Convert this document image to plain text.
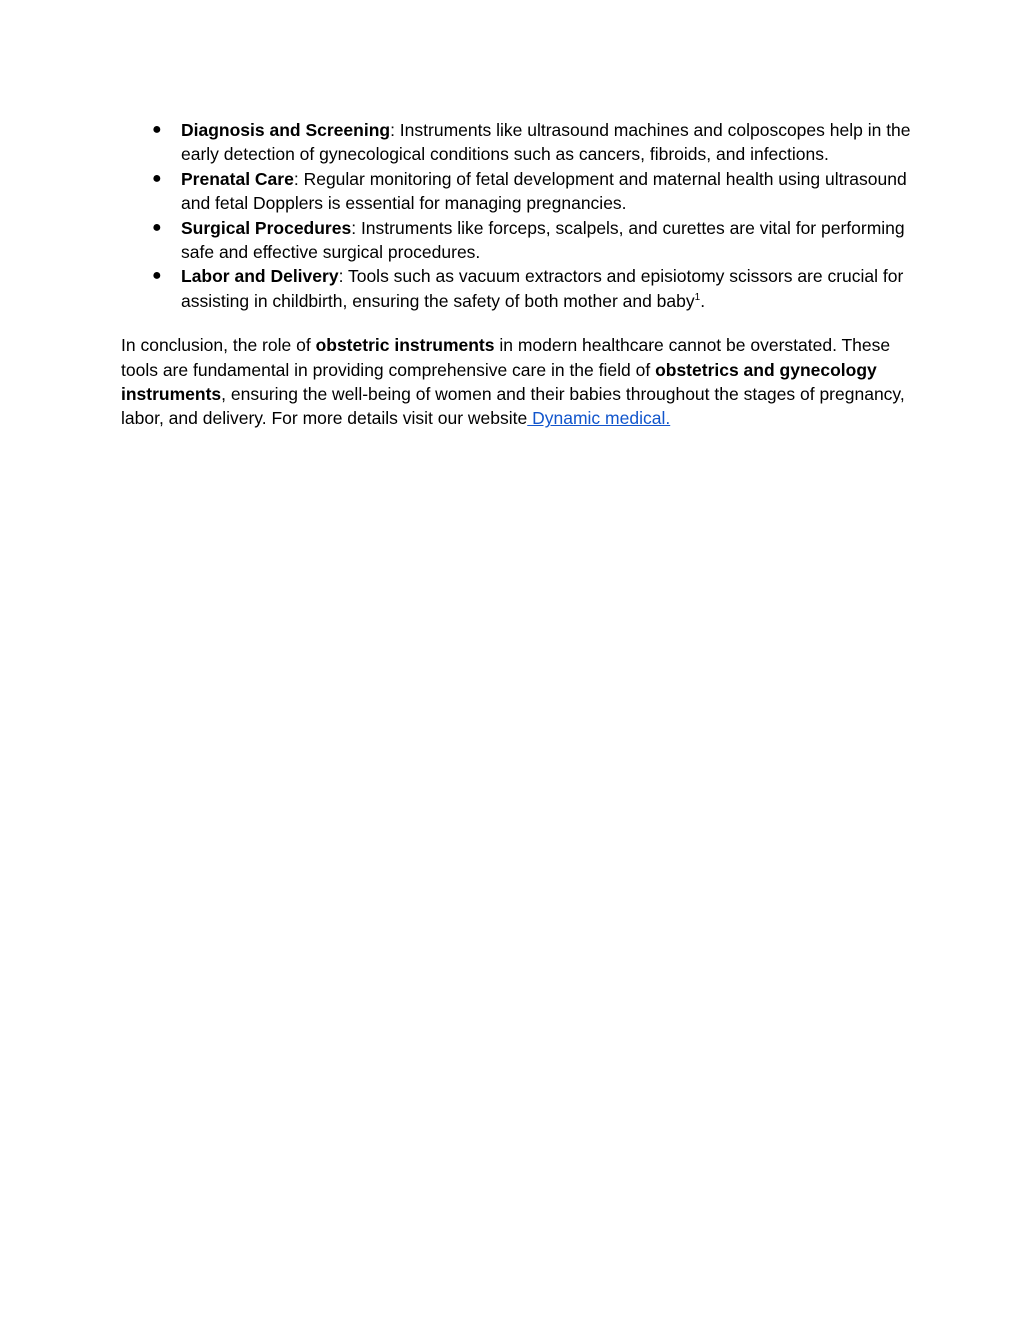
● Diagnosis and Screening: Instruments like ultrasound machines and colposcopes help in the early detection of gynecological conditions such as cancers, fibroids, and infections.
● Prenatal Care: Regular monitoring of fetal development and maternal health using ultrasound and fetal Dopplers is essential for managing pregnancies.
● Surgical Procedures: Instruments like forceps, scalpels, and curettes are vital for performing safe and effective surgical procedures.
● Labor and Delivery: Tools such as vacuum extractors and episiotomy scissors are crucial for assisting in childbirth, ensuring the safety of both mother and baby$^1$.

In conclusion, the role of obstetric instruments in modern healthcare cannot be overstated. These tools are fundamental in providing comprehensive care in the field of obstetrics and gynecology instruments, ensuring the well-being of women and their babies throughout the stages of pregnancy, labor, and delivery. For more details visit our website Dynamic medical.
